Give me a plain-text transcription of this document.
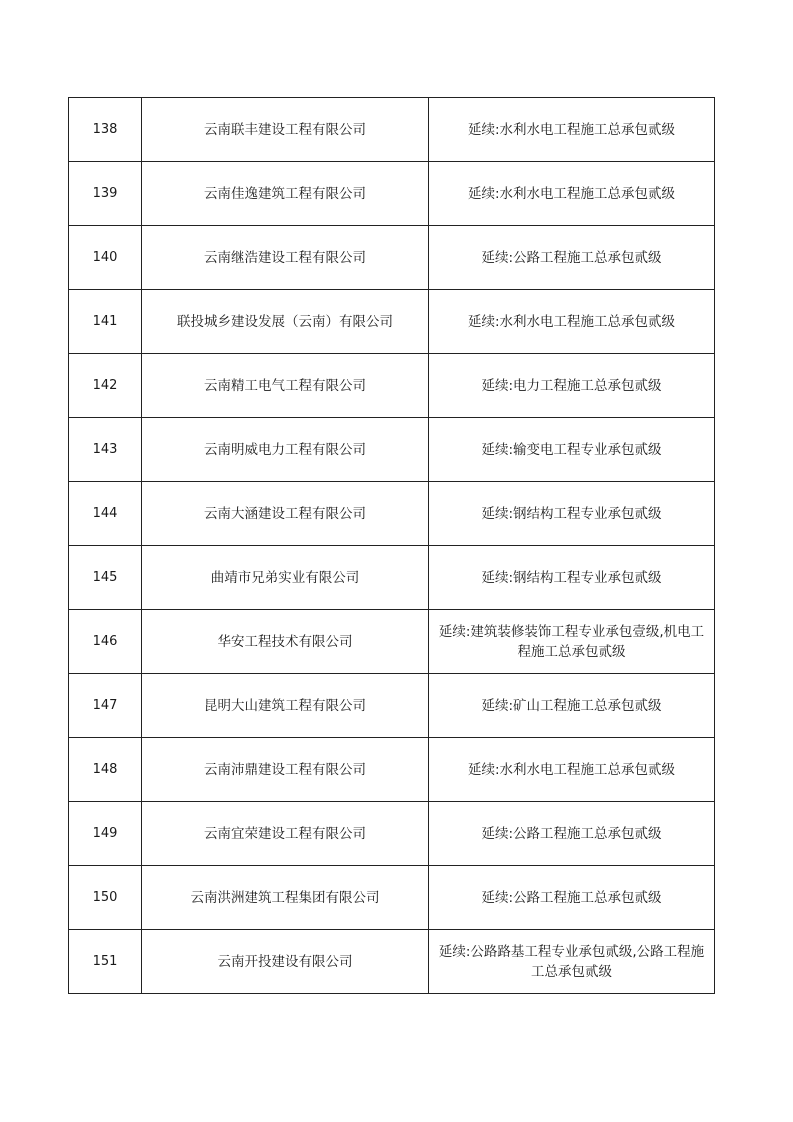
138	云南联丰建设工程有限公司	延续:水利水电工程施工总承包贰级
139	云南佳逸建筑工程有限公司	延续:水利水电工程施工总承包贰级
140	云南继浩建设工程有限公司	延续:公路工程施工总承包贰级
141	联投城乡建设发展（云南）有限公司	延续:水利水电工程施工总承包贰级
142	云南精工电气工程有限公司	延续:电力工程施工总承包贰级
143	云南明威电力工程有限公司	延续:输变电工程专业承包贰级
144	云南大涵建设工程有限公司	延续:钢结构工程专业承包贰级
145	曲靖市兄弟实业有限公司	延续:钢结构工程专业承包贰级
146	华安工程技术有限公司	延续:建筑装修装饰工程专业承包壹级,机电工程施工总承包贰级
147	昆明大山建筑工程有限公司	延续:矿山工程施工总承包贰级
148	云南沛鼎建设工程有限公司	延续:水利水电工程施工总承包贰级
149	云南宜荣建设工程有限公司	延续:公路工程施工总承包贰级
150	云南洪洲建筑工程集团有限公司	延续:公路工程施工总承包贰级
151	云南开投建设有限公司	延续:公路路基工程专业承包贰级,公路工程施工总承包贰级
